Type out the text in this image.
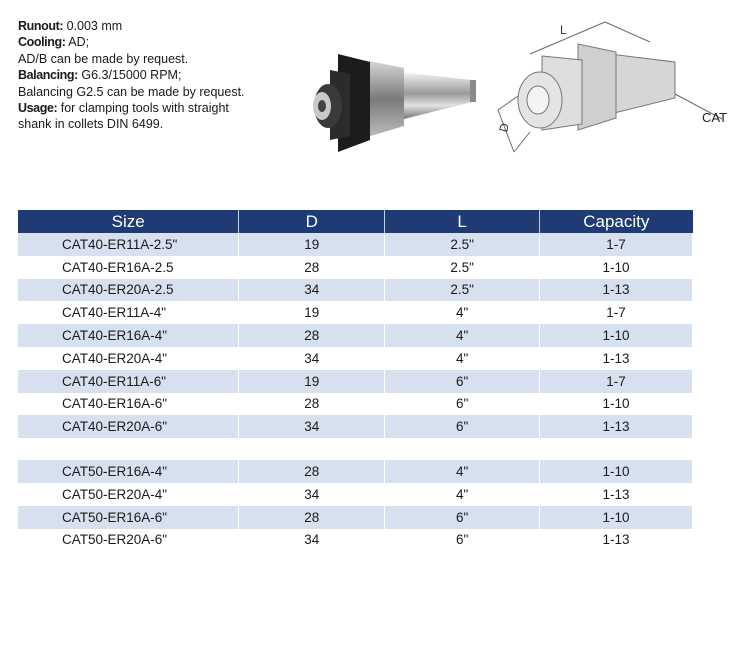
Runout: 0.003 mm
Cooling: AD;
AD/B can be made by request.
Balancing: G6.3/15000 RPM;
Balancing G2.5 can be made by request.
Usage: for clamping tools with straight
shank in collets DIN 6499.
L
D
CAT
Size	D	L	Capacity
CAT40-ER11A-2.5"	19	2.5"	1-7
CAT40-ER16A-2.5	28	2.5"	1-10
CAT40-ER20A-2.5	34	2.5"	1-13
CAT40-ER11A-4"	19	4"	1-7
CAT40-ER16A-4"	28	4"	1-10
CAT40-ER20A-4"	34	4"	1-13
CAT40-ER11A-6"	19	6"	1-7
CAT40-ER16A-6"	28	6"	1-10
CAT40-ER20A-6"	34	6"	1-13

CAT50-ER16A-4"	28	4"	1-10
CAT50-ER20A-4"	34	4"	1-13
CAT50-ER16A-6"	28	6"	1-10
CAT50-ER20A-6"	34	6"	1-13
